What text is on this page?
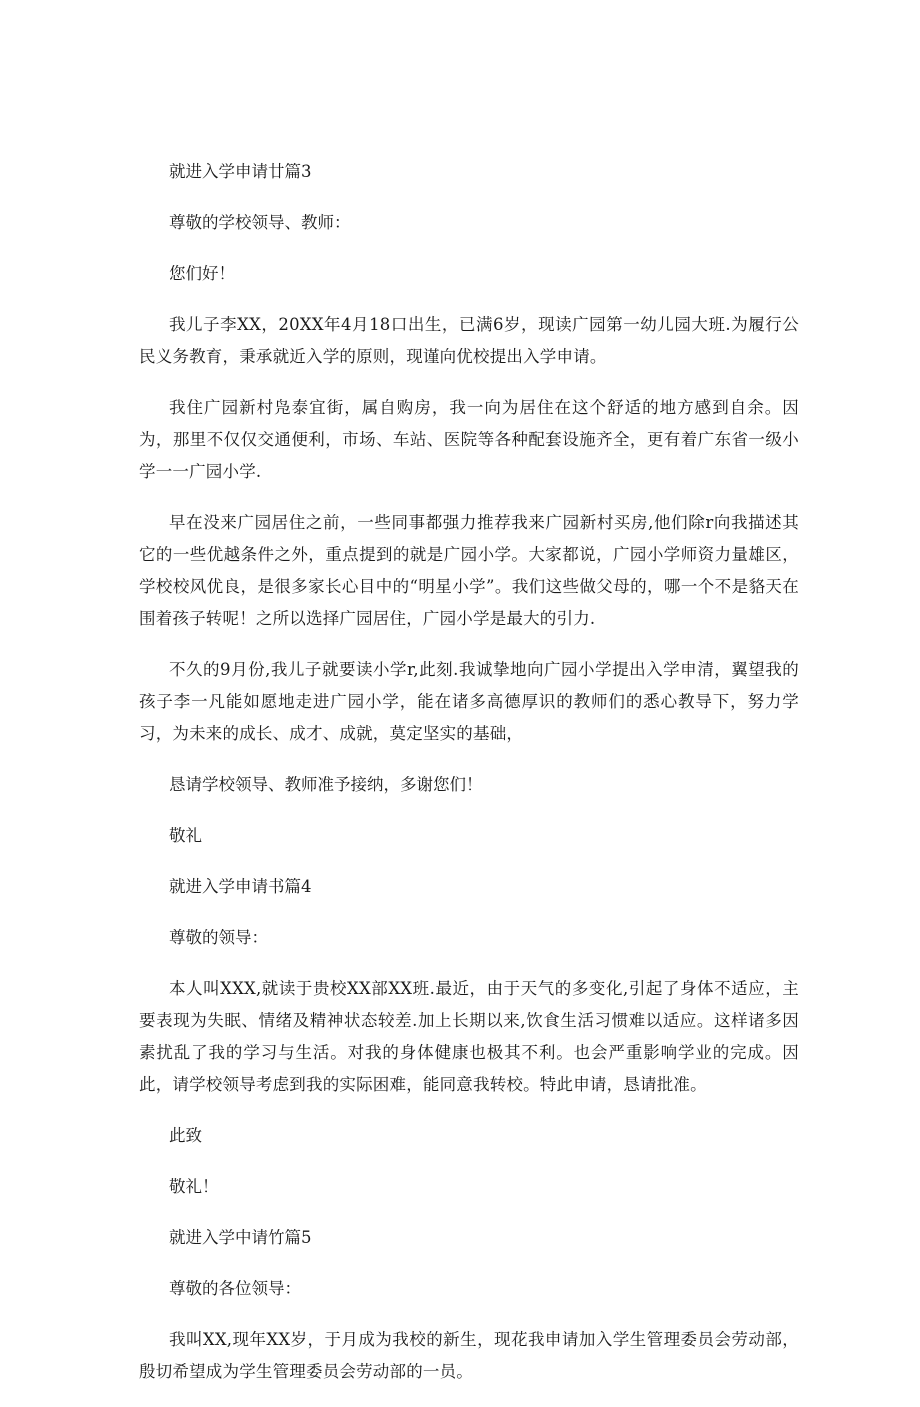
就进入学申请廿篇3
尊敬的学校领导、教师：
您们好！
我儿子李XX，20XX年4月18口出生，已满6岁，现读广园第一幼儿园大班.为履行公民义务教育，秉承就近入学的原则，现谨向优校提出入学申请。
我住广园新村凫泰宜街，属自购房，我一向为居住在这个舒适的地方感到自余。因为，那里不仅仅交通便利，市场、车站、医院等各种配套设施齐全，更有着广东省一级小学一一广园小学.
早在没来广园居住之前，一些同事都强力推荐我来广园新村买房,他们除r向我描述其它的一些优越条件之外，重点提到的就是广园小学。大家都说，广园小学师资力量雄区，学校校风优良，是很多家长心目中的“明星小学”。我们这些做父母的，哪一个不是貉天在围着孩子转呢！之所以选择广园居住，广园小学是最大的引力.
不久的9月份,我儿子就要读小学r,此刻.我诚挚地向广园小学提出入学申清，翼望我的孩子李一凡能如愿地走进广园小学，能在诸多高德厚识的教师们的悉心教导下，努力学习，为未来的成长、成才、成就，莫定坚实的基础，
恳请学校领导、教师准予接纳，多谢您们！
敬礼
就进入学申请书篇4
尊敬的领导：
本人叫XXX,就读于贵校XX部XX班.最近，由于天气的多变化,引起了身体不适应，主要表现为失眠、情绪及精神状态较差.加上长期以来,饮食生活习惯难以适应。这样诸多因素扰乱了我的学习与生活。对我的身体健康也极其不利。也会严重影响学业的完成。因此，请学校领导考虑到我的实际困难，能同意我转校。特此申请，恳请批准。
此致
敬礼！
就进入学中请竹篇5
尊敬的各位领导：
我叫XX,现年XX岁，于月成为我校的新生，现花我申请加入学生管理委员会劳动部，殷切希望成为学生管理委员会劳动部的一员。
